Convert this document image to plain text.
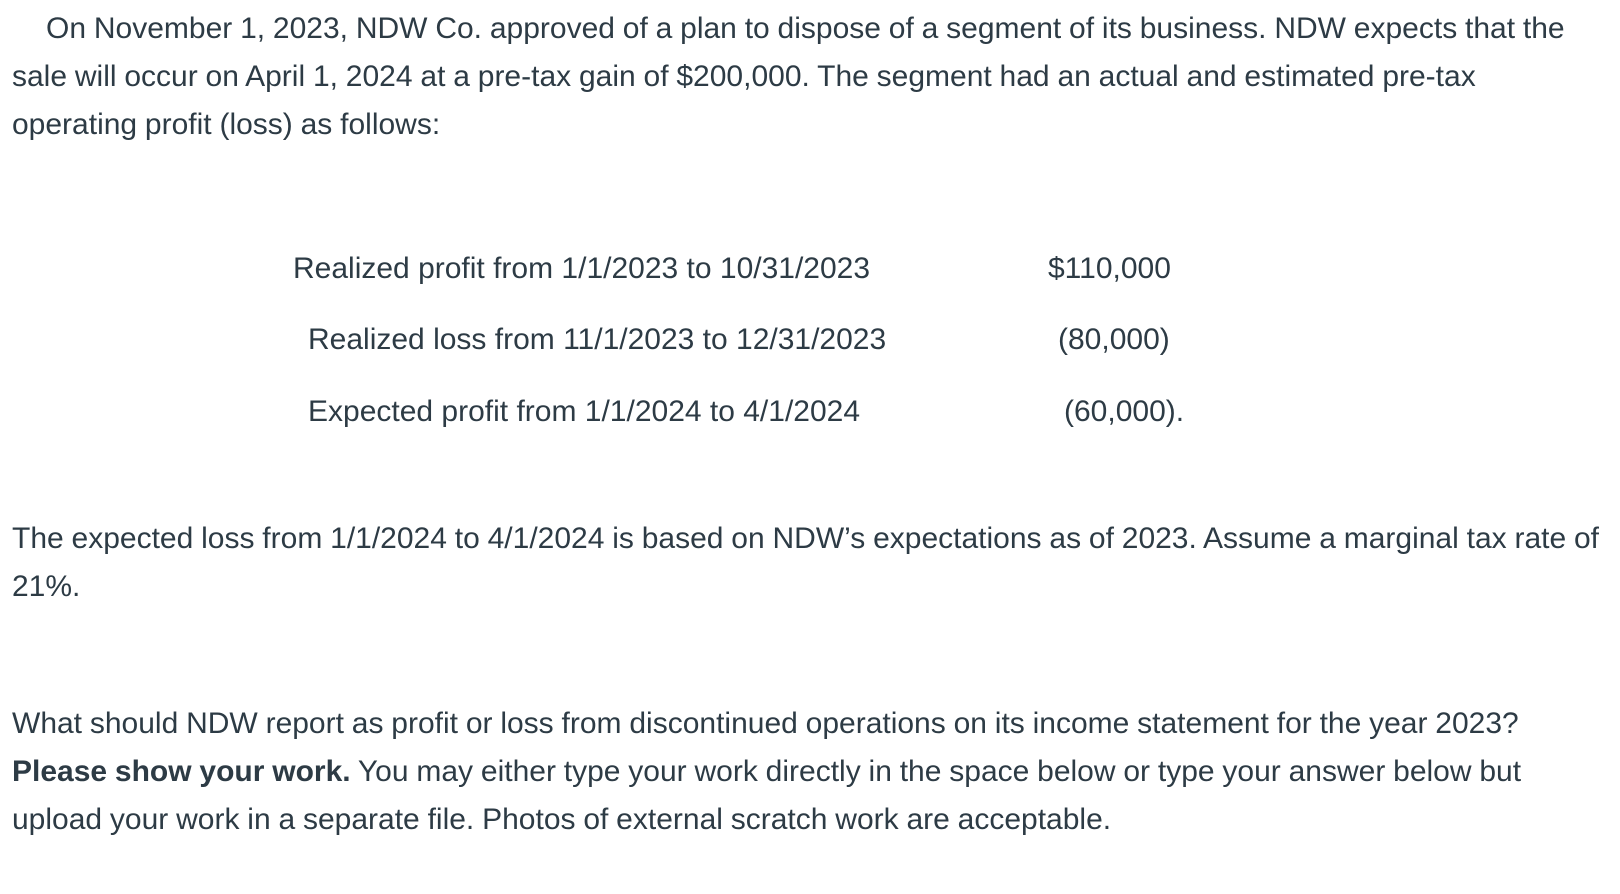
On November 1, 2023, NDW Co. approved of a plan to dispose of a segment of its business. NDW expects that the sale will occur on April 1, 2024 at a pre-tax gain of $200,000. The segment had an actual and estimated pre-tax operating profit (loss) as follows:

Realized profit from 1/1/2023 to 10/31/2023	$110,000
Realized loss from 11/1/2023 to 12/31/2023	(80,000)
Expected profit from 1/1/2024 to 4/1/2024	(60,000).

The expected loss from 1/1/2024 to 4/1/2024 is based on NDW’s expectations as of 2023. Assume a marginal tax rate of 21%.

What should NDW report as profit or loss from discontinued operations on its income statement for the year 2023? Please show your work. You may either type your work directly in the space below or type your answer below but upload your work in a separate file. Photos of external scratch work are acceptable.
